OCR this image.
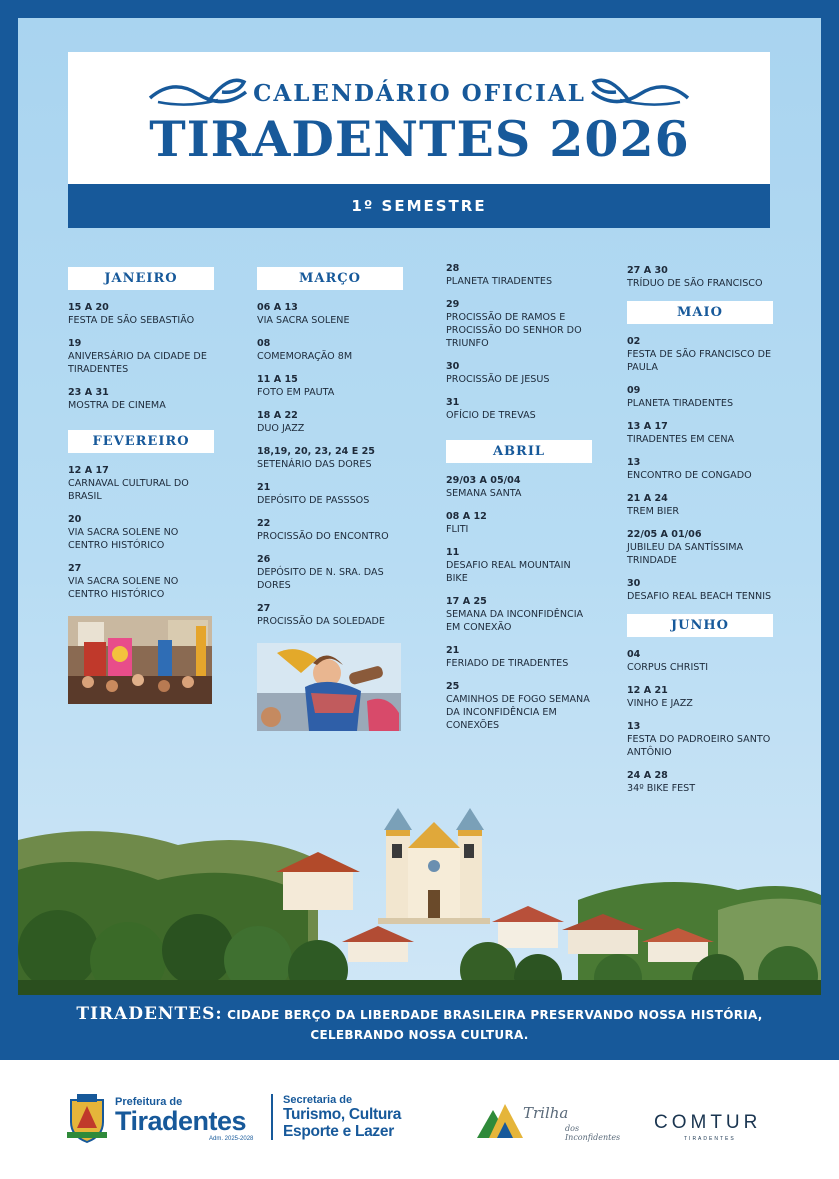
CALENDÁRIO OFICIAL
TIRADENTES 2026
1º SEMESTRE
JANEIRO
15 A 20
FESTA DE SÃO SEBASTIÃO
19
ANIVERSÁRIO DA CIDADE DE TIRADENTES
23 A 31
MOSTRA DE CINEMA
FEVEREIRO
12 A 17
CARNAVAL CULTURAL DO BRASIL
20
VIA SACRA SOLENE NO CENTRO HISTÓRICO
27
VIA SACRA SOLENE NO CENTRO HISTÓRICO
MARÇO
06 A 13
VIA SACRA SOLENE
08
COMEMORAÇÃO 8M
11 A 15
FOTO EM PAUTA
18 A 22
DUO JAZZ
18,19, 20, 23, 24 E 25
SETENÁRIO DAS DORES
21
DEPÓSITO DE PASSSOS
22
PROCISSÃO DO ENCONTRO
26
DEPÓSITO DE N. SRA. DAS DORES
27
PROCISSÃO DA SOLEDADE
28
PLANETA TIRADENTES
29
PROCISSÃO DE RAMOS E PROCISSÃO DO SENHOR DO TRIUNFO
30
PROCISSÃO DE JESUS
31
OFÍCIO DE TREVAS
ABRIL
29/03 A 05/04
SEMANA SANTA
08 A 12
FLITI
11
DESAFIO REAL MOUNTAIN BIKE
17 A 25
SEMANA DA INCONFIDÊNCIA EM CONEXÃO
21
FERIADO DE TIRADENTES
25
CAMINHOS DE FOGO SEMANA DA INCONFIDÊNCIA EM CONEXÕES
27 A 30
TRÍDUO DE SÃO FRANCISCO
MAIO
02
FESTA DE SÃO FRANCISCO DE PAULA
09
PLANETA TIRADENTES
13 A 17
TIRADENTES EM CENA
13
ENCONTRO DE CONGADO
21 A 24
TREM BIER
22/05 A 01/06
JUBILEU DA SANTÍSSIMA TRINDADE
30
DESAFIO REAL BEACH TENNIS
JUNHO
04
CORPUS CHRISTI
12 A 21
VINHO E JAZZ
13
FESTA DO PADROEIRO SANTO ANTÔNIO
24 A 28
34º BIKE FEST
TIRADENTES: CIDADE BERÇO DA LIBERDADE BRASILEIRA PRESERVANDO NOSSA HISTÓRIA,
CELEBRANDO NOSSA CULTURA.
Prefeitura de
Tiradentes
Adm. 2025-2028
Secretaria de
Turismo, Cultura
Esporte e Lazer
Trilha
dos Inconfidentes
COMTUR
TIRADENTES
